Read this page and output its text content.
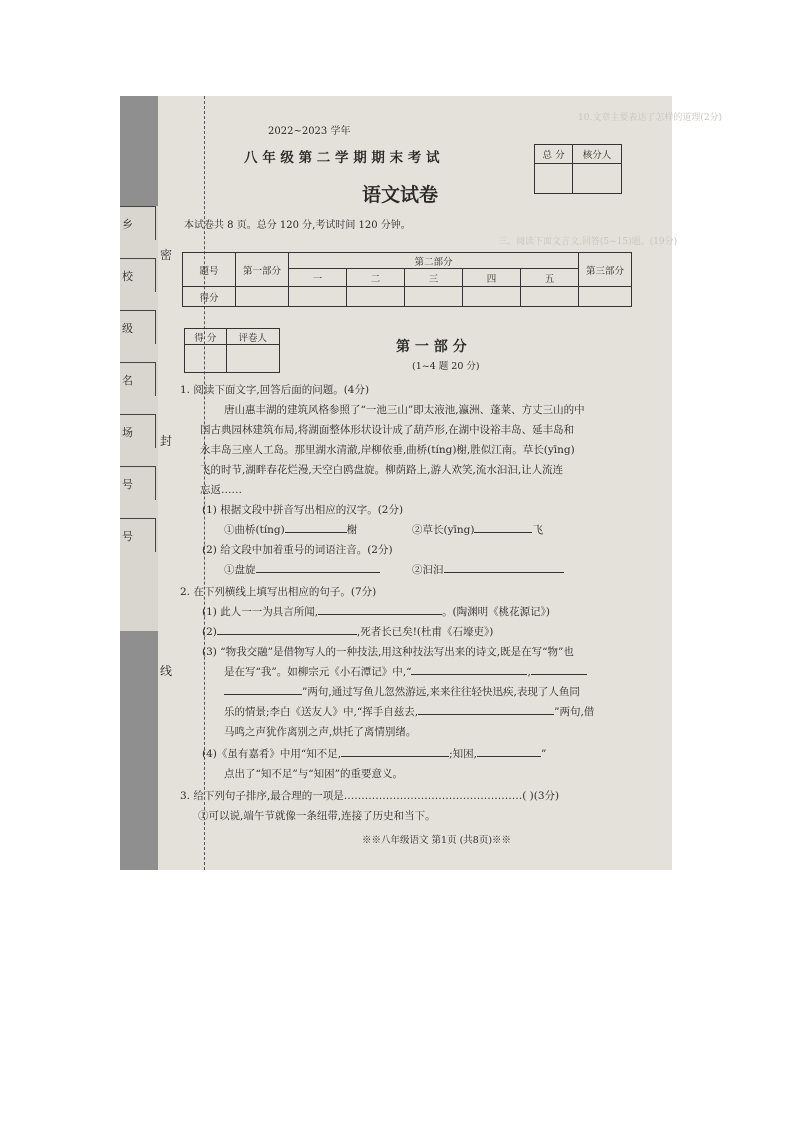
乡
校
级
名
场
号
号
密
封
线
10.文章主要表达了怎样的道理(2分)
三、阅读下面文言文,回答(5~15)题。(19分)
2022~2023 学年
八 年 级 第 二 学 期 期 末 考 试
语文试卷
总 分	核分人

本试卷共 8 页。总分 120 分,考试时间 120 分钟。
题号	第一部分	第二部分					第三部分
		一	二	三	四	五	
得分							
得 分	评卷人

第 一 部 分
(1~4 题 20 分)
1. 阅读下面文字,回答后面的问题。(4分)
唐山惠丰湖的建筑风格参照了“一池三山”即太液池,瀛洲、蓬莱、方丈三山的中
国古典园林建筑布局,将湖面整体形状设计成了葫芦形,在湖中设裕丰岛、延丰岛和
永丰岛三座人工岛。那里湖水清澈,岸柳依垂,曲桥(tíng)榭,胜似江南。草长(yīng)
飞的时节,湖畔春花烂漫,天空白鸥盘旋。柳荫路上,游人欢笑,流水汩汩,让人流连
忘返……
(1) 根据文段中拼音写出相应的汉字。(2分)
①曲桥(tíng)	榭	②草长(yīng)	飞
(2) 给文段中加着重号的词语注音。(2分)
①盘旋	②汩汩
2. 在下列横线上填写出相应的句子。(7分)
(1) 此人一一为具言所闻,	。(陶渊明《桃花源记》)
(2)	,死者长已矣!(杜甫《石壕吏》)
(3) “物我交融”是借物写人的一种技法,用这种技法写出来的诗文,既是在写“物”也
是在写“我”。如柳宗元《小石潭记》中,“	,
”两句,通过写鱼儿忽然游远,来来往往轻快迅疾,表现了人鱼同
乐的情景;李白《送友人》中,“挥手自兹去,	”两句,借
马鸣之声犹作离别之声,烘托了离情别绪。
(4)《虽有嘉肴》中用“知不足,	;知困,	”
点出了“知不足”与“知困”的重要意义。
3. 给下列句子排序,最合理的一项是……………………………………………( )(3分)
①可以说,端午节就像一条纽带,连接了历史和当下。
※※八年级语文 第1页 (共8页)※※
